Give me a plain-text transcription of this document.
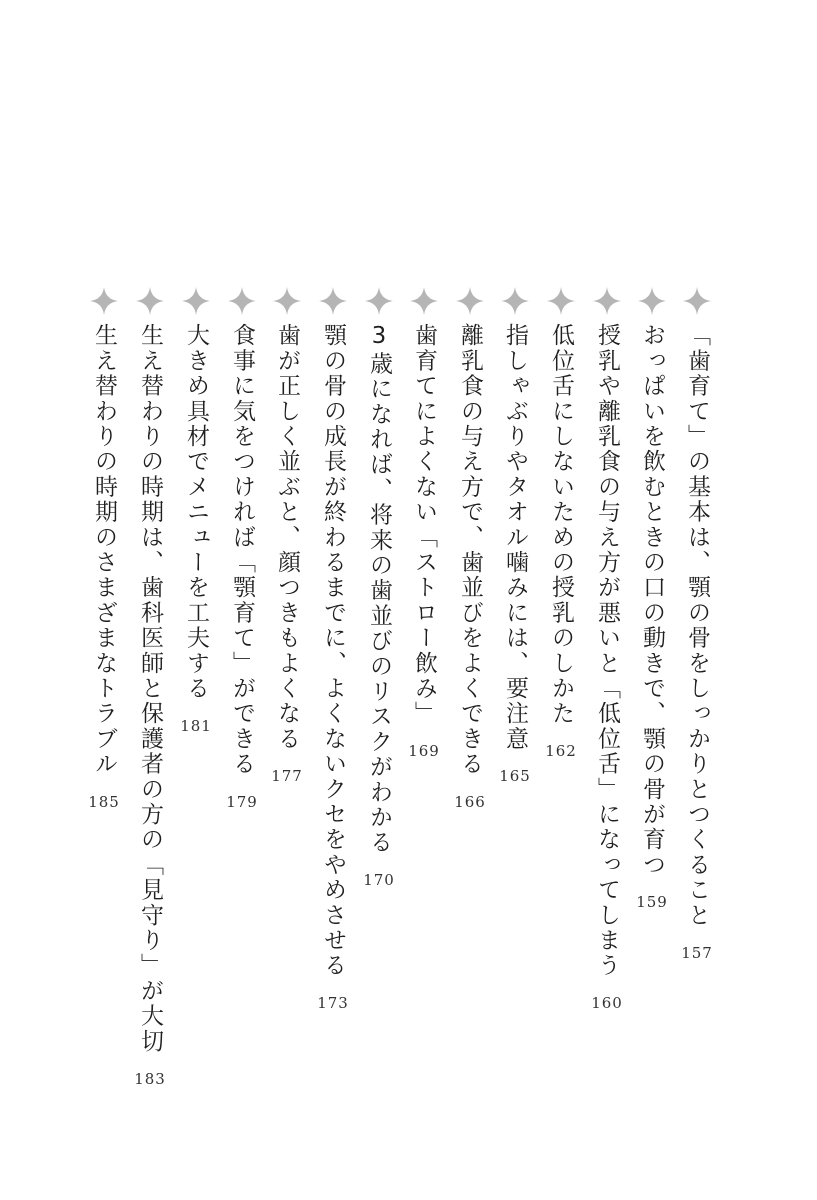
「歯育て」の基本は、顎の骨をしっかりとつくること
157
おっぱいを飲むときの口の動きで、顎の骨が育つ
159
授乳や離乳食の与え方が悪いと「低位舌」になってしまう
160
低位舌にしないための授乳のしかた
162
指しゃぶりやタオル噛みには、要注意
165
離乳食の与え方で、歯並びをよくできる
166
歯育てによくない「ストロー飲み」
169
3歳になれば、将来の歯並びのリスクがわかる
170
顎の骨の成長が終わるまでに、よくないクセをやめさせる
173
歯が正しく並ぶと、顔つきもよくなる
177
食事に気をつければ「顎育て」ができる
179
大きめ具材でメニューを工夫する
181
生え替わりの時期は、歯科医師と保護者の方の「見守り」が大切
183
生え替わりの時期のさまざまなトラブル
185
